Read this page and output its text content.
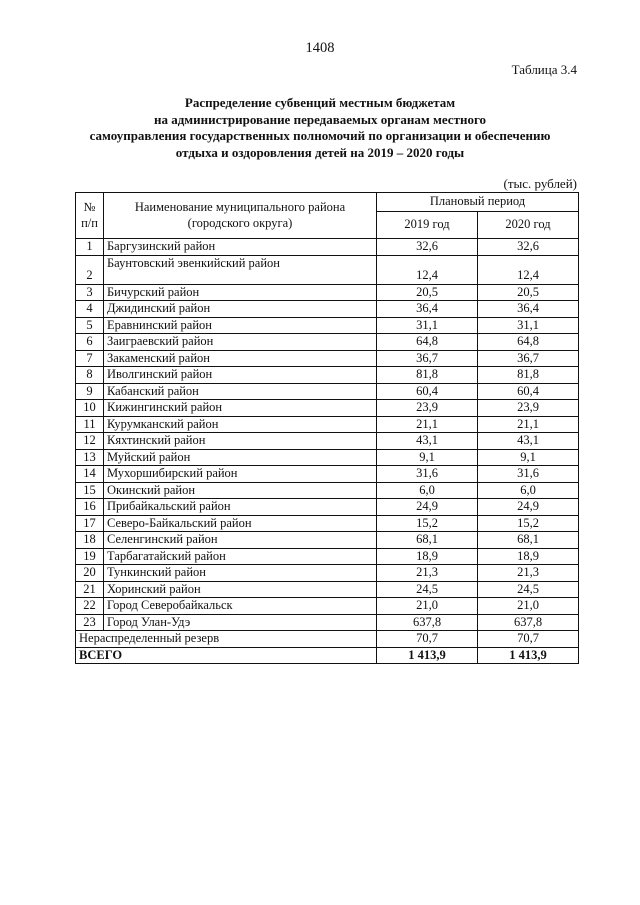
1408
Таблица 3.4
Распределение субвенций местным бюджетам
на администрирование передаваемых органам местного
самоуправления государственных полномочий по организации и обеспечению
отдыха и оздоровления детей на 2019 – 2020 годы
(тыс. рублей)
№
п/п	Наименование муниципального района
(городского округа)	Плановый период	
		2019 год	2020 год
1	Баргузинский район	32,6	32,6
2	Баунтовский эвенкийский район	12,4	12,4
3	Бичурский район	20,5	20,5
4	Джидинский район	36,4	36,4
5	Еравнинский район	31,1	31,1
6	Заиграевский район	64,8	64,8
7	Закаменский район	36,7	36,7
8	Иволгинский район	81,8	81,8
9	Кабанский район	60,4	60,4
10	Кижингинский район	23,9	23,9
11	Курумканский район	21,1	21,1
12	Кяхтинский район	43,1	43,1
13	Муйский район	9,1	9,1
14	Мухоршибирский район	31,6	31,6
15	Окинский район	6,0	6,0
16	Прибайкальский район	24,9	24,9
17	Северо-Байкальский район	15,2	15,2
18	Селенгинский район	68,1	68,1
19	Тарбагатайский район	18,9	18,9
20	Тункинский район	21,3	21,3
21	Хоринский район	24,5	24,5
22	Город Северобайкальск	21,0	21,0
23	Город Улан-Удэ	637,8	637,8
Нераспределенный резерв		70,7	70,7
ВСЕГО		1 413,9	1 413,9
